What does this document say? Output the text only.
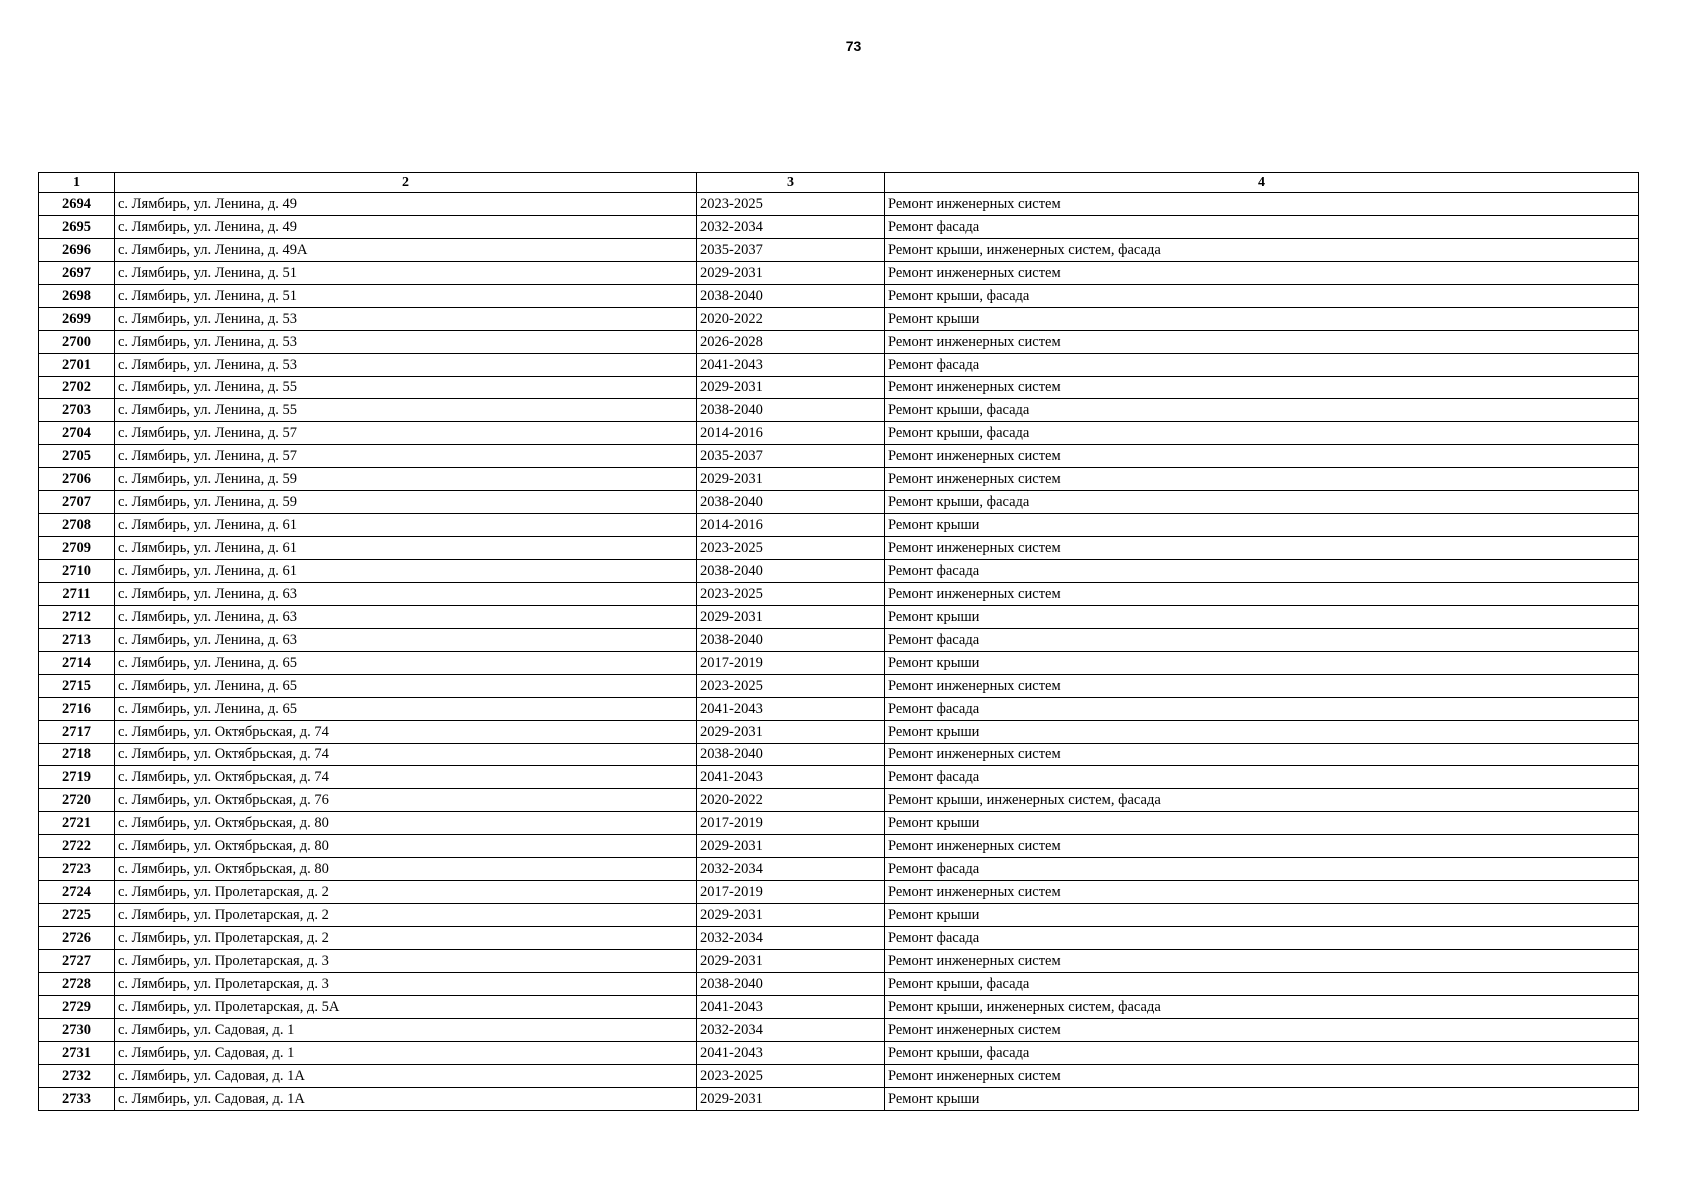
73
1	2	3	4
2694	с. Лямбирь, ул. Ленина, д. 49	2023-2025	Ремонт инженерных систем
2695	с. Лямбирь, ул. Ленина, д. 49	2032-2034	Ремонт фасада
2696	с. Лямбирь, ул. Ленина, д. 49А	2035-2037	Ремонт крыши, инженерных систем, фасада
2697	с. Лямбирь, ул. Ленина, д. 51	2029-2031	Ремонт инженерных систем
2698	с. Лямбирь, ул. Ленина, д. 51	2038-2040	Ремонт крыши, фасада
2699	с. Лямбирь, ул. Ленина, д. 53	2020-2022	Ремонт крыши
2700	с. Лямбирь, ул. Ленина, д. 53	2026-2028	Ремонт инженерных систем
2701	с. Лямбирь, ул. Ленина, д. 53	2041-2043	Ремонт фасада
2702	с. Лямбирь, ул. Ленина, д. 55	2029-2031	Ремонт инженерных систем
2703	с. Лямбирь, ул. Ленина, д. 55	2038-2040	Ремонт крыши, фасада
2704	с. Лямбирь, ул. Ленина, д. 57	2014-2016	Ремонт крыши, фасада
2705	с. Лямбирь, ул. Ленина, д. 57	2035-2037	Ремонт инженерных систем
2706	с. Лямбирь, ул. Ленина, д. 59	2029-2031	Ремонт инженерных систем
2707	с. Лямбирь, ул. Ленина, д. 59	2038-2040	Ремонт крыши, фасада
2708	с. Лямбирь, ул. Ленина, д. 61	2014-2016	Ремонт крыши
2709	с. Лямбирь, ул. Ленина, д. 61	2023-2025	Ремонт инженерных систем
2710	с. Лямбирь, ул. Ленина, д. 61	2038-2040	Ремонт фасада
2711	с. Лямбирь, ул. Ленина, д. 63	2023-2025	Ремонт инженерных систем
2712	с. Лямбирь, ул. Ленина, д. 63	2029-2031	Ремонт крыши
2713	с. Лямбирь, ул. Ленина, д. 63	2038-2040	Ремонт фасада
2714	с. Лямбирь, ул. Ленина, д. 65	2017-2019	Ремонт крыши
2715	с. Лямбирь, ул. Ленина, д. 65	2023-2025	Ремонт инженерных систем
2716	с. Лямбирь, ул. Ленина, д. 65	2041-2043	Ремонт фасада
2717	с. Лямбирь, ул. Октябрьская, д. 74	2029-2031	Ремонт крыши
2718	с. Лямбирь, ул. Октябрьская, д. 74	2038-2040	Ремонт инженерных систем
2719	с. Лямбирь, ул. Октябрьская, д. 74	2041-2043	Ремонт фасада
2720	с. Лямбирь, ул. Октябрьская, д. 76	2020-2022	Ремонт крыши, инженерных систем, фасада
2721	с. Лямбирь, ул. Октябрьская, д. 80	2017-2019	Ремонт крыши
2722	с. Лямбирь, ул. Октябрьская, д. 80	2029-2031	Ремонт инженерных систем
2723	с. Лямбирь, ул. Октябрьская, д. 80	2032-2034	Ремонт фасада
2724	с. Лямбирь, ул. Пролетарская, д. 2	2017-2019	Ремонт инженерных систем
2725	с. Лямбирь, ул. Пролетарская, д. 2	2029-2031	Ремонт крыши
2726	с. Лямбирь, ул. Пролетарская, д. 2	2032-2034	Ремонт фасада
2727	с. Лямбирь, ул. Пролетарская, д. 3	2029-2031	Ремонт инженерных систем
2728	с. Лямбирь, ул. Пролетарская, д. 3	2038-2040	Ремонт крыши, фасада
2729	с. Лямбирь, ул. Пролетарская, д. 5А	2041-2043	Ремонт крыши, инженерных систем, фасада
2730	с. Лямбирь, ул. Садовая, д. 1	2032-2034	Ремонт инженерных систем
2731	с. Лямбирь, ул. Садовая, д. 1	2041-2043	Ремонт крыши, фасада
2732	с. Лямбирь, ул. Садовая, д. 1А	2023-2025	Ремонт инженерных систем
2733	с. Лямбирь, ул. Садовая, д. 1А	2029-2031	Ремонт крыши
